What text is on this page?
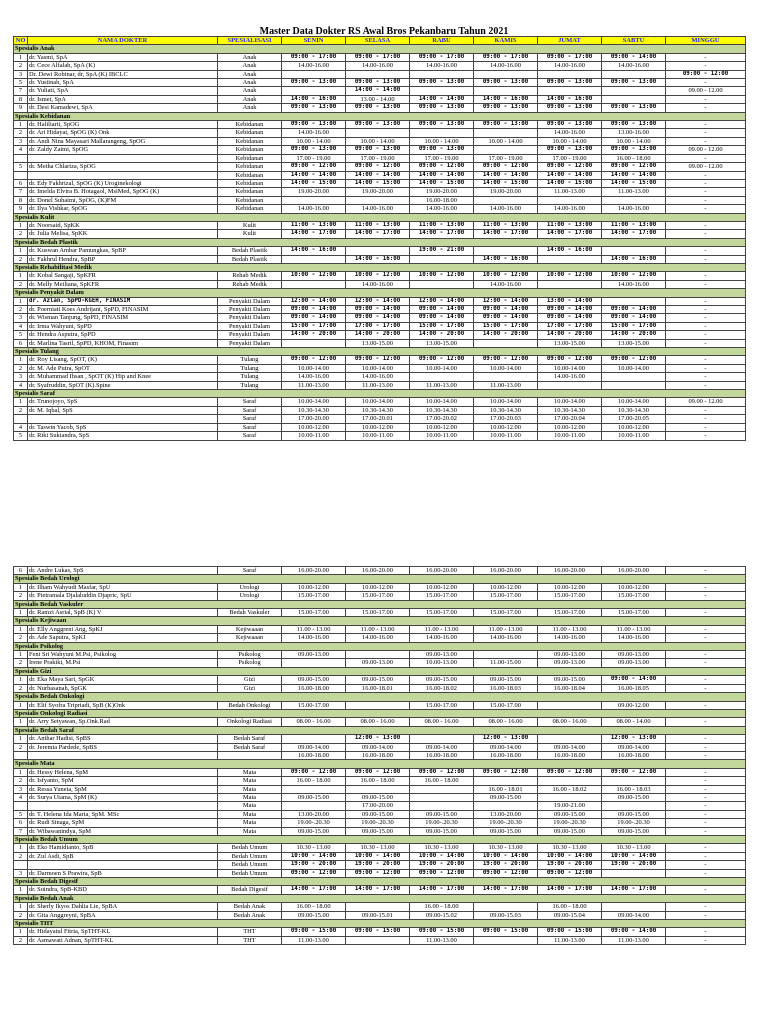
Master Data Dokter RS Awal Bros Pekanbaru Tahun 2021
NO	NAMA DOKTER	SPESIALISASI	SENIN	SELASA	RABU	KAMIS	JUMAT	SABTU	MINGGU
Spesialis Anak									
1	dr. Yasmi, SpA	Anak	09:00 - 17:00	09:00 - 17:00	09:00 - 17:00	09:00 - 17:00	09:00 - 17:00	09:00 - 14:00	-
2	dr. Cece Alfalah, SpA (K)	Anak	14.00-16.00	14.00-16.00	14.00-16.00	14.00-16.00	14.00-16.00	14.00-16.00	-
3	Dr. Dewi Robinar, dr, SpA (K) IBCLC	Anak							09:00 - 12:00
5	dr. Yustinah, SpA	Anak	09:00 - 13:00	09:00 - 13:00	09:00 - 13:00	09:00 - 13:00	09:00 - 13:00	09:00 - 13:00	-
7	dr. Yuliati, SpA	Anak		14:00 - 14:00					09.00 - 12.00
8	dr. Ismet, SpA	Anak	14:00 - 16:00	13.00 - 14.00	14:00 - 14:00	14:00 - 16:00	14:00 - 16:00		-
9	dr. Desi Kamadewi, SpA	Anak	09:00 - 13:00	09:00 - 13:00	09:00 - 13:00	09:00 - 13:00	09:00 - 13:00	09:00 - 13:00	-
Spesialis Kebidanan									
1	dr. Haliliarti, SpOG	Kebidanan	09:00 - 13:00	09:00 - 13:00	09:00 - 13:00	09:00 - 13:00	09:00 - 13:00	09:00 - 13:00	-
2	dr. Ari Hidayat, SpOG (K) Onk	Kebidanan	14.00-16.00				14.00-16.00	13.00-16.00	-
3	dr. Andi Nina Mayasari Mallarangeng, SpOG	Kebidanan	10.00 - 14.00	10.00 - 14.00	10.00 - 14.00	10.00 - 14.00	10.00 - 14.00	10.00 - 14.00	-
4	dr. Zaldy Zaimi, SpOG	Kebidanan	09:00 - 13:00	09:00 - 13:00	09:00 - 13:00		09:00 - 13:00	09:00 - 13:00	09.00 - 12.00
		Kebidanan	17.00 - 19.00	17.00 - 19.00	17.00 - 19.00	17.00 - 19.00	17.00 - 19.00	16.00 - 18.00	-
5	dr. Metha Chlariza, SpOG	Kebidanan	09:00 - 12:00	09:00 - 12:00	09:00 - 12:00	09:00 - 12:00	09:00 - 12:00	09:00 - 12:00	09.00 - 12.00
		Kebidanan	14:00 - 14:00	14:00 - 14:00	14:00 - 14:00	14:00 - 14:00	14:00 - 14:00	14:00 - 14:00	-
6	dr. Edy Fakhrizal, SpOG (K) Uroginekologi	Kebidanan	14:00 - 15:00	14:00 - 15:00	14:00 - 15:00	14:00 - 15:00	14:00 - 15:00	14:00 - 15:00	-
7	dr. Imelda Elvira B. Hotagaol, MsiMed, SpOG (K)	Kebidanan	19.00-20.00	19.00-20.00	19.00-20.00	19.00-20.00	11.00-13.00	11.00-13.00	-
8	dr. Donel Suhaimi, SpOG, (K)FM	Kebidanan			16.00-18.00				-
9	dr. Ilya Vishkar, SpOG	Kebidanan	14.00-16.00	14.00-16.00	14.00-16.00	14.00-16.00	14.00-16.00	14.00-16.00	-
Spesialis Kulit									
1	dr. Noorsaid, SpKK	Kulit	11:00 - 13:00	11:00 - 13:00	11:00 - 13:00	11:00 - 13:00	11:00 - 13:00	11:00 - 13:00	-
2	dr. Julia Melisa, SpKK	Kulit	14:00 - 17:00	14:00 - 17:00	14:00 - 17:00	14:00 - 17:00	14:00 - 17:00	14:00 - 17:00	-
Spesialis Bedah Plastik									
1	dr. Kuswan Ambar Pamungkas, SpBP	Bedah Plastik	14:00 - 16:00		19:00 - 21:00		14:00 - 16:00		-
2	dr. Fakhrul Hendra, SpBP	Bedah Plastik		14:00 - 16:00		14:00 - 16:00		14:00 - 16:00	-
Spesialis Rehabilitasi Medik									
1	dr. Kobal Sangaji, SpKFR	Rehab Medik	10:00 - 12:00	10:00 - 12:00	10:00 - 12:00	10:00 - 12:00	10:00 - 12:00	10:00 - 12:00	-
2	dr. Melly Meiliana, SpKFR	Rehab Medik		14.00-16.00		14.00-16.00		14.00-16.00	-
Spesialis Penyakit Dalam									
1	dr. Azlan, SpPD-KGEH, FINASIM	Penyakit Dalam	12:00 - 14:00	12:00 - 14:00	12:00 - 14:00	12:00 - 14:00	13:00 - 14:00		-
2	dr. Poerniati Koes Andrijani, SpPD, FINASIM	Penyakit Dalam	09:00 - 14:00	09:00 - 14:00	09:00 - 14:00	09:00 - 14:00	09:00 - 14:00	09:00 - 14:00	-
3	dr. Wisman Tanjung, SpPD, FINASIM	Penyakit Dalam	09:00 - 14:00	09:00 - 14:00	09:00 - 14:00	09:00 - 14:00	09:00 - 14:00	09:00 - 14:00	-
4	dr. Irma Wahyuni, SpPD	Penyakit Dalam	15:00 - 17:00	17:00 - 17:00	15:00 - 17:00	15:00 - 17:00	17:00 - 17:00	15:00 - 17:00	-
5	dr. Hendra Asputra, SpPD	Penyakit Dalam	14:00 - 20:00	14:00 - 20:00	14:00 - 20:00	14:00 - 20:00	14:00 - 20:00	14:00 - 20:00	-
6	dr. Marlina Tasril, SpPD, KHOM, Finasim	Penyakit Dalam		13.00-15.00	13.00-15.00		13.00-15.00	13.00-15.00	-
Spesialis Tulang									
1	dr. Roy Lisang, SpOT, (K)	Tulang	09:00 - 12:00	09:00 - 12:00	09:00 - 12:00	09:00 - 12:00	09:00 - 12:00	09:00 - 12:00	-
2	dr. M. Ade Putra, SpOT	Tulang	10.00-14.00	10.00-14.00	10.00-14.00	10.00-14.00	10.00-14.00	10.00-14.00	-
3	dr. Muhammad Ihsan , SpOT (K) Hip and Knee	Tulang	14.00-16.00	14.00-16.00			14.00-16.00		-
4	dr. Syafruddin, SpOT (K).Spine	Tulang	11.00-13.00	11.00-13.00	11.00-13.00	11.00-13.00			-
Spesialis Saraf									
1	dr. Trunojoyo, SpS	Saraf	10.00-14.00	10.00-14.00	10.00-14.00	10.00-14.00	10.00-14.00	10.00-14.00	09.00 - 12.00
2	dr. M. Iqbal, SpS	Saraf	10.30-14.30	10.30-14.30	10.30-14.30	10.30-14.30	10.30-14.30	10.30-14.30	-
		Saraf	17.00-20.00	17.00-20.01	17.00-20.02	17.00-20.03	17.00-20.04	17.00-20.05	-
4	dr. Taswin Yacob, SpS	Saraf	10.00-12.00	10.00-12.00	10.00-12.00	10.00-12.00	10.00-12.00	10.00-12.00	-
5	dr. Riki Sukiandra, SpS	Saraf	10.00-11.00	10.00-11.00	10.00-11.00	10.00-11.00	10.00-11.00	10.00-11.00	-
6	dr. Andre Lukas, SpS	Saraf	16.00-20.00	16.00-20.00	16.00-20.00	16.00-20.00	16.00-20.00	16.00-20.00	-
Spesialis Bedah Urologi									
1	dr. Ilham Wahyudi Masfar, SpU	Urologi	10.00-12.00	10.00-12.00	10.00-12.00	10.00-12.00	10.00-12.00	10.00-12.00	-
2	dr. Pietramala Djalaluddin Djapric, SpU	Urologi	15.00-17.00	15.00-17.00	15.00-17.00	15.00-17.00	15.00-17.00	15.00-17.00	-
Spesialis Bedah Vaskuler									
1	dr. Ramzi Asrial, SpB (K) V	Bedah Vaskuler	15.00-17.00	15.00-17.00	15.00-17.00	15.00-17.00	15.00-17.00	15.00-17.00	-
Spesialis Kejiwaan									
1	dr. Elly Anggreni Ang, SpKJ	Kejiwaaan	11.00 - 13.00	11.00 - 13.00	11.00 - 13.00	11.00 - 13.00	11.00 - 13.00	11.00 - 13.00	-
2	dr. Ade Saputra, SpKJ	Kejiwaaan	14.00-16.00	14.00-16.00	14.00-16.00	14.00-16.00	14.00-16.00	14.00-16.00	-
Spesialis Psikolog									
1	Feni Sri Wahyuni M.Psi, Psikolog	Psikolog	09.00-13.00		09.00-13.00		09.00-13.00	09.00-13.00	-
2	Irene Prakiki, M.Psi	Psikolog		09.00-13.00	10.00-13.00	11.00-15.00	09.00-13.00	09.00-13.00	-
Spesialis Gizi									
1	dr. Eka Maya Sari, SpGK	Gizi	09.00-15.00	09.00-15.00	09.00-15.00	09.00-15.00	09.00-15.00	09:00 - 14:00	-
2	dr. Nurhasanah, SpGK	Gizi	16.00-18.00	16.00-18.01	16.00-18.02	16.00-18.03	16.00-18.04	16.00-18.05	-
Spesialis Bedah Onkologi									
1	dr. Elif Syofra Tripriadi, SpB (K)Onk	Bedah Onkologi	15.00-17.00		15.00-17.00	15.00-17.00		09.00-12.00	-
Spesialis Onkologi Radiasi									
1	dr. Arry Setyawan, Sp.Onk.Rad	Onkologi Radiasi	08.00 - 16.00	08.00 - 16.00	08.00 - 16.00	08.00 - 16.00	08.00 - 16.00	08.00 - 14.00	-
Spesialis Bedah Saraf									
1	dr. Anthar Hadisi, SpBS	Bedah Saraf		12:00 - 13:00		12:00 - 13:00		12:00 - 13:00	-
2	dr. Jeremia Pardede, SpBS	Bedah Saraf	09.00-14.00	09.00-14.00	09.00-14.00	09.00-14.00	09.00-14.00	09.00-14.00	-
			16.00-18.00	16.00-18.00	16.00-18.00	16.00-18.00	16.00-18.00	16.00-18.00	-
Spesialis Mata									
1	dr. Hessy Helena, SpM	Mata	09:00 - 12:00	09:00 - 12:00	09:00 - 12:00	09:00 - 12:00	09:00 - 12:00	09:00 - 12:00	-
2	dr. Isfyanto, SpM	Mata	16.00 - 18.00	16.00 - 18.00	16.00 - 18.00				-
3	dr. Ressa Yuneta, SpM	Mata				16.00 - 18.01	16.00 - 18.02	16.00 - 18.03	-
4	dr. Surya Utama, SpM (K)	Mata	09.00-15.00	09.00-15.00		09.00-15.00		09.00-15.00	-
		Mata		17.00-20.00			19.00-21.00		-
5	dr. T. Helena Ida Maria, SpM. MSc	Mata	13.00-20.00	09.00-15.00	09.00-15.00	13.00-20.00	09.00-15.00	09.00-15.00	-
6	dr. Rudi Sinaga, SpM	Mata	19.00-.20.30	19.00-.20.30	19.00-.20.30	19.00-.20.30	19.00-.20.30	19.00-.20.30	-
7	dr. Wibawanindya, SpM	Mata	09.00-15.00	09.00-15.00	09.00-15.00	09.00-15.00	09.00-15.00	09.00-15.00	-
Spesialis Bedah Umum									
1	dr. Eko Hamidianto, SpB	Bedah Umum	10.30 - 13.00	10.30 - 13.00	10.30 - 13.00	10.30 - 13.00	10.30 - 13.00	10.30 - 13.00	-
2	dr. Zul Asdi, SpB	Bedah Umum	10:00 - 14:00	10:00 - 14:00	10:00 - 14:00	10:00 - 14:00	10:00 - 14:00	10:00 - 14:00	-
		Bedah Umum	19:00 - 20:00	19:00 - 20:00	19:00 - 20:00	19:00 - 20:00	19:00 - 20:00	19:00 - 20:00	-
3	dr. Darmoen S Prawira, SpB	Bedah Umum	09:00 - 12:00	09:00 - 12:00	09:00 - 12:00	09:00 - 12:00	09:00 - 12:00		-
Spesialis Bedah Digesif									
1	dr. Suindra, SpB-KBD	Bedah Digesif	14:00 - 17:00	14:00 - 17:00	14:00 - 17:00	14:00 - 17:00	14:00 - 17:00	14:00 - 17:00	-
Spesialis Bedah Anak									
1	dr. Sherly Ikyos Dahlia Lie, SpBA	Bedah Anak	16.00 - 18.00		16.00 - 18.00		16.00 - 18.00		-
2	dr. Gita Anggreyni, SpBA	Bedah Anak	09.00-15.00	09.00-15.01	09.00-15.02	09.00-15.03	09.00-15.04	09.00-14.00	-
Spesialis THT									
1	dr. Hidayatul Fitria, SpTHT-KL	THT	09:00 - 15:00	09:00 - 15:00	09:00 - 15:00	09:00 - 15:00	09:00 - 15:00	09:00 - 14:00	-
2	dr. Asmawati Adnan, SpTHT-KL	THT	11.00-13.00		11.00-13.00		11.00-13.00	11.00-13.00	-
